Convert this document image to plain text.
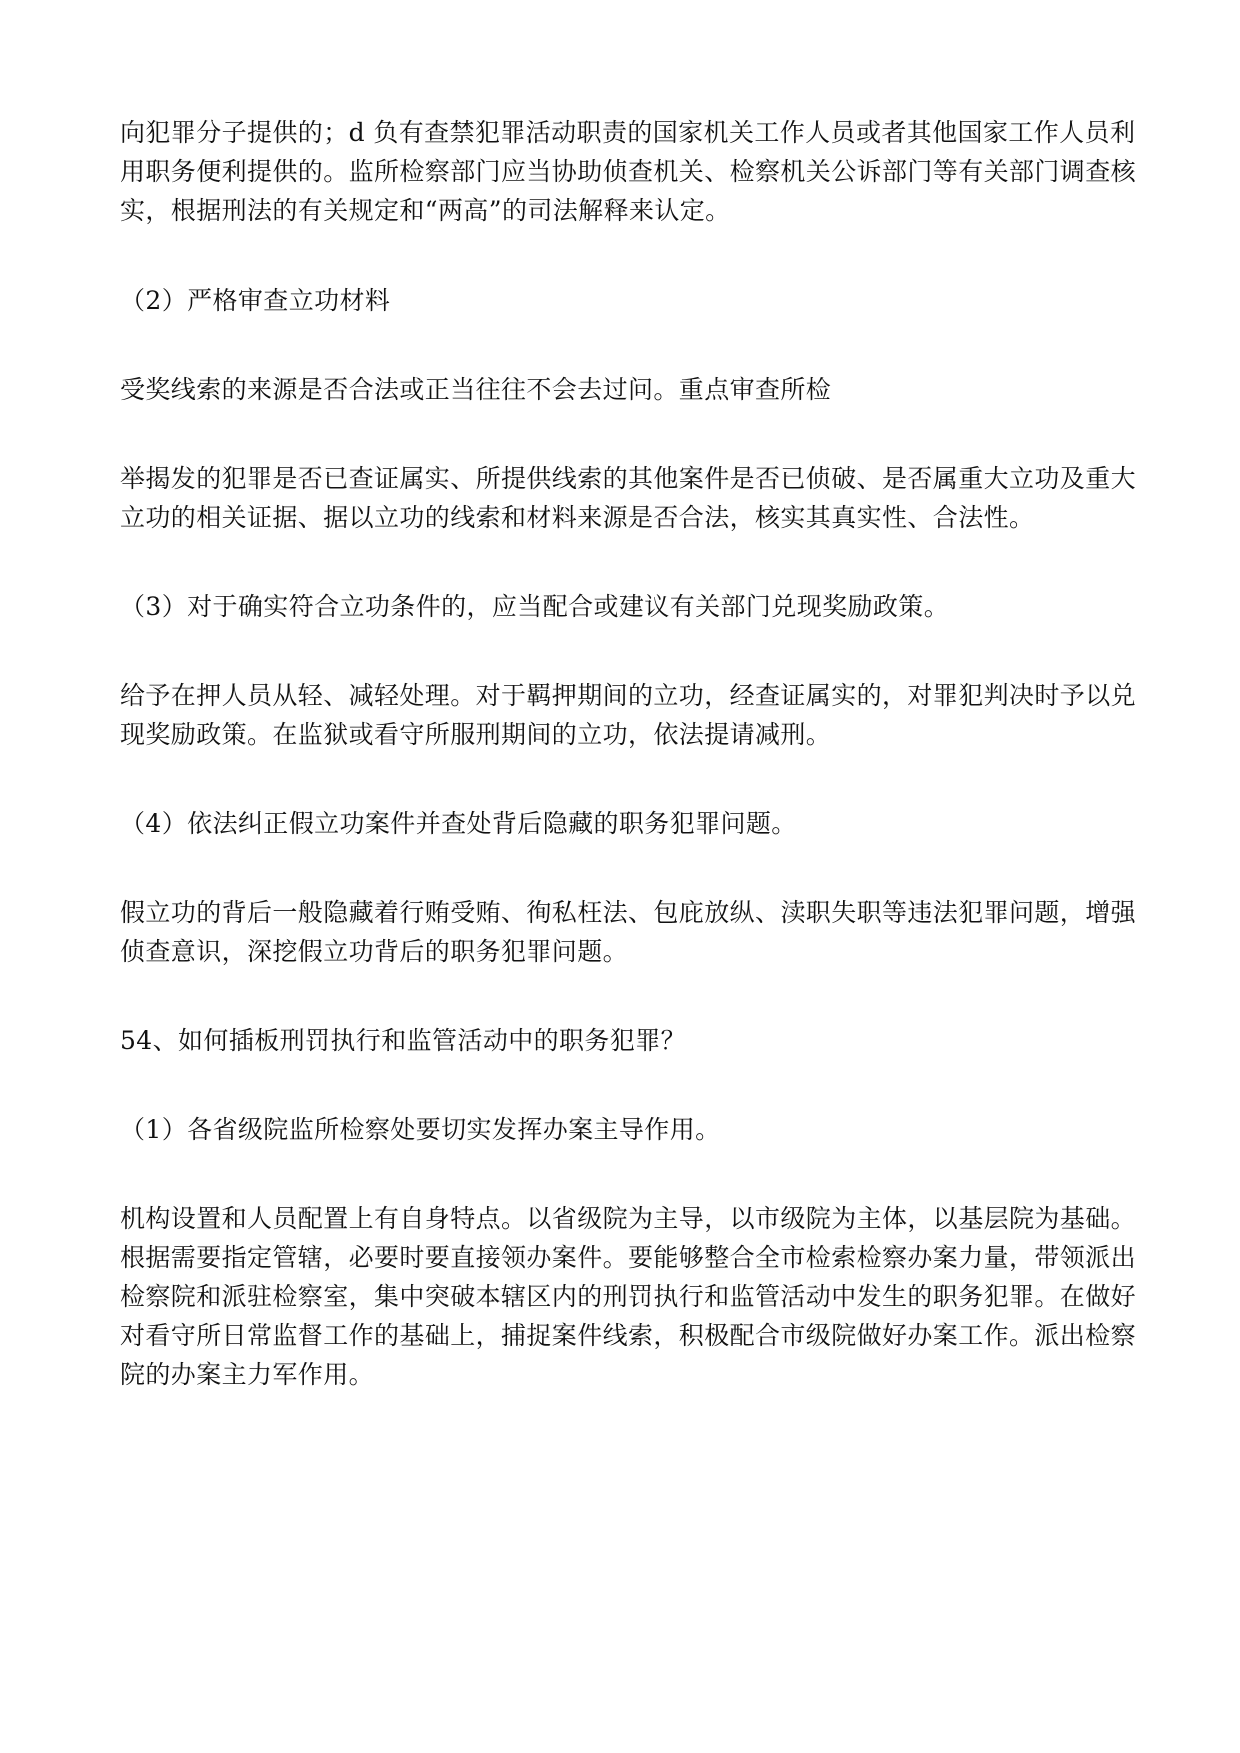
向犯罪分子提供的；d 负有查禁犯罪活动职责的国家机关工作人员或者其他国家工作人员利
用职务便利提供的。监所检察部门应当协助侦查机关、检察机关公诉部门等有关部门调查核
实，根据刑法的有关规定和“两高”的司法解释来认定。
（2）严格审查立功材料
受奖线索的来源是否合法或正当往往不会去过问。重点审查所检
举揭发的犯罪是否已查证属实、所提供线索的其他案件是否已侦破、是否属重大立功及重大
立功的相关证据、据以立功的线索和材料来源是否合法，核实其真实性、合法性。
（3）对于确实符合立功条件的，应当配合或建议有关部门兑现奖励政策。
给予在押人员从轻、减轻处理。对于羁押期间的立功，经查证属实的，对罪犯判决时予以兑
现奖励政策。在监狱或看守所服刑期间的立功，依法提请减刑。
（4）依法纠正假立功案件并查处背后隐藏的职务犯罪问题。
假立功的背后一般隐藏着行贿受贿、徇私枉法、包庇放纵、渎职失职等违法犯罪问题，增强
侦查意识，深挖假立功背后的职务犯罪问题。
54、如何插板刑罚执行和监管活动中的职务犯罪？
（1）各省级院监所检察处要切实发挥办案主导作用。
机构设置和人员配置上有自身特点。以省级院为主导，以市级院为主体，以基层院为基础。
根据需要指定管辖，必要时要直接领办案件。要能够整合全市检索检察办案力量，带领派出
检察院和派驻检察室，集中突破本辖区内的刑罚执行和监管活动中发生的职务犯罪。在做好
对看守所日常监督工作的基础上，捕捉案件线索，积极配合市级院做好办案工作。派出检察
院的办案主力军作用。
